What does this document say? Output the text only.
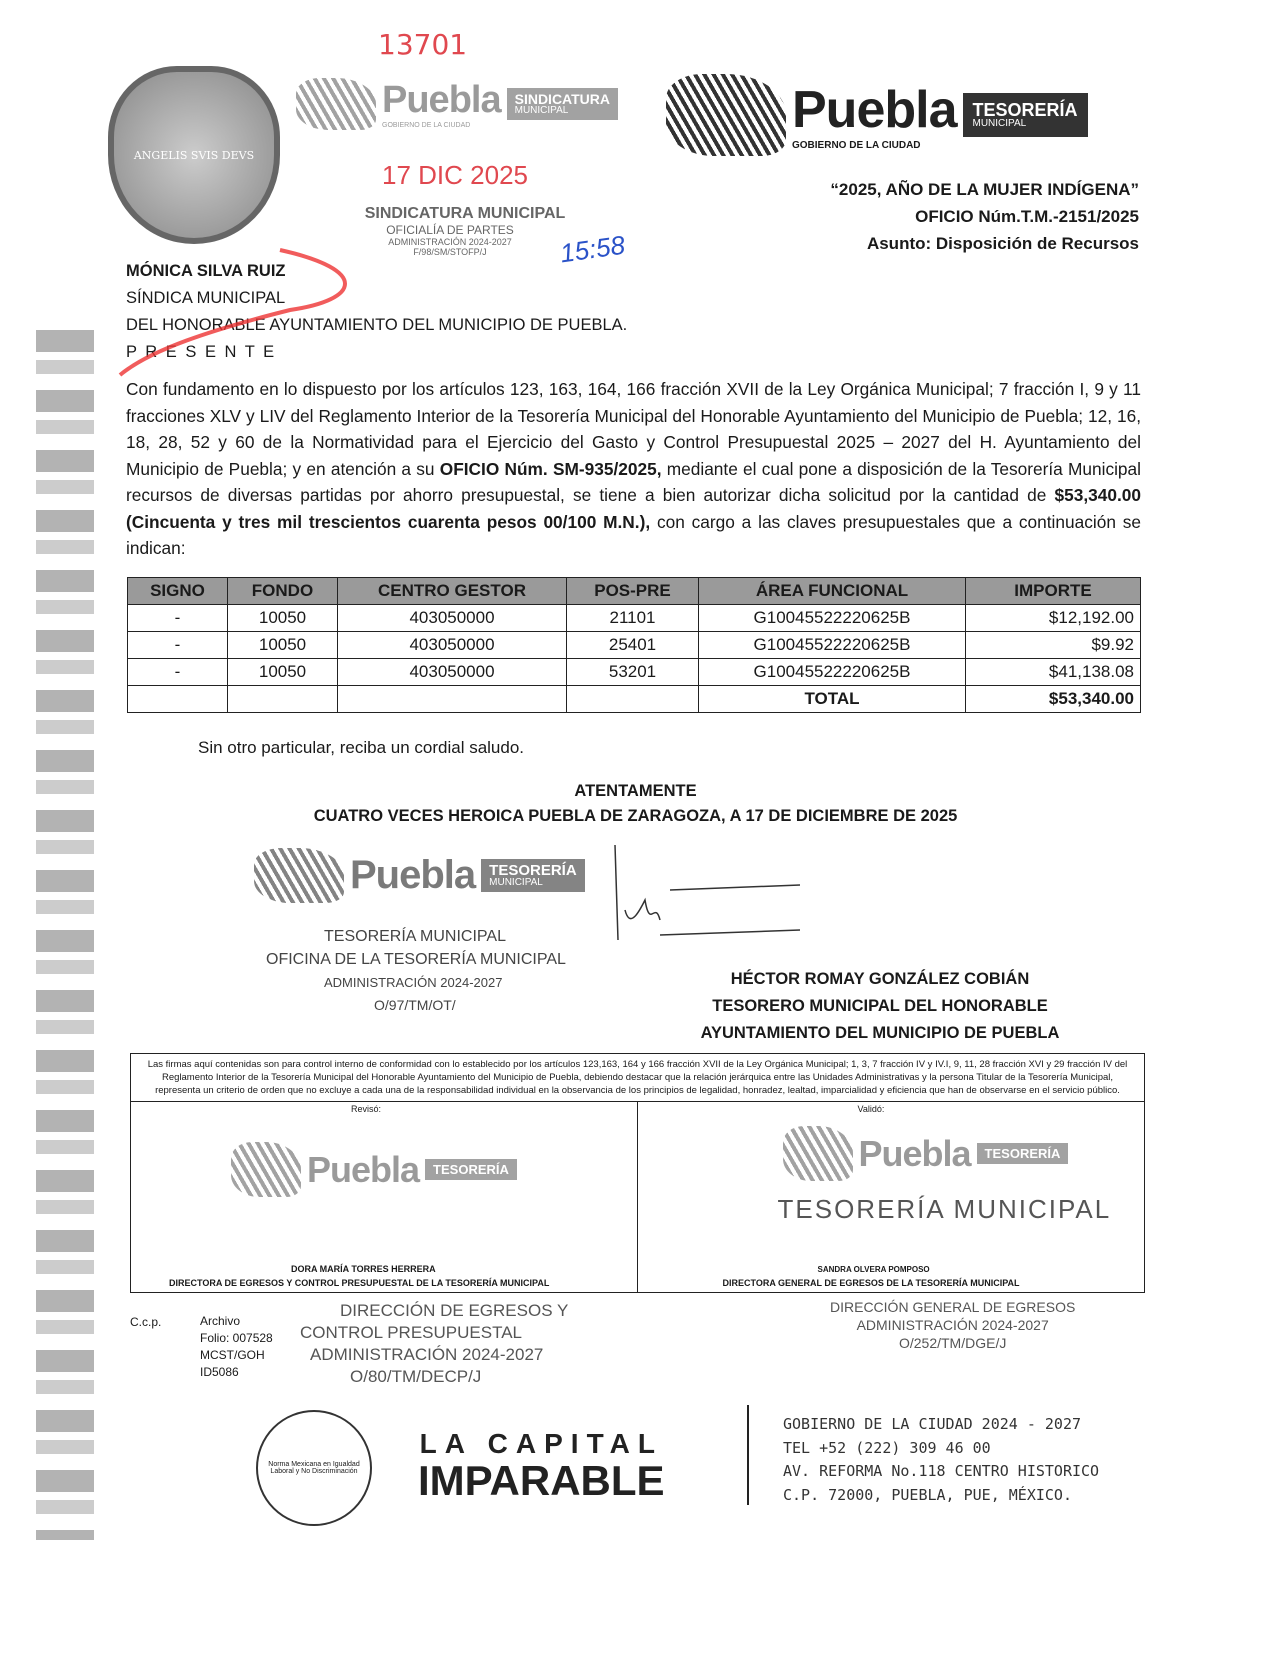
13701
ANGELIS SVIS DEVS
Puebla
GOBIERNO DE LA CIUDAD
SINDICATURA
MUNICIPAL	Puebla
GOBIERNO DE LA CIUDAD
TESORERÍA
MUNICIPAL
17 DIC 2025
SINDICATURA MUNICIPAL
OFICIALÍA DE PARTES
ADMINISTRACIÓN 2024-2027
F/98/SM/STOFP/J	15:58
“2025, AÑO DE LA MUJER INDÍGENA”
OFICIO Núm.T.M.-2151/2025
Asunto: Disposición de Recursos
MÓNICA SILVA RUIZ
SÍNDICA MUNICIPAL
DEL HONORABLE AYUNTAMIENTO DEL MUNICIPIO DE PUEBLA.
P R E S E N T E
Con fundamento en lo dispuesto por los artículos 123, 163, 164, 166 fracción XVII de la Ley Orgánica Municipal; 7 fracción I, 9 y 11 fracciones XLV y LIV del Reglamento Interior de la Tesorería Municipal del Honorable Ayuntamiento del Municipio de Puebla; 12, 16, 18, 28, 52 y 60 de la Normatividad para el Ejercicio del Gasto y Control Presupuestal 2025 – 2027 del H. Ayuntamiento del Municipio de Puebla; y en atención a su OFICIO Núm. SM-935/2025, mediante el cual pone a disposición de la Tesorería Municipal recursos de diversas partidas por ahorro presupuestal, se tiene a bien autorizar dicha solicitud por la cantidad de $53,340.00 (Cincuenta y tres mil trescientos cuarenta pesos 00/100 M.N.), con cargo a las claves presupuestales que a continuación se indican:
SIGNO	FONDO	CENTRO GESTOR	POS-PRE	ÁREA FUNCIONAL	IMPORTE
-	10050	403050000	21101	G10045522220625B	$12,192.00
-	10050	403050000	25401	G10045522220625B	$9.92
-	10050	403050000	53201	G10045522220625B	$41,138.08
				TOTAL	$53,340.00
Sin otro particular, reciba un cordial saludo.
ATENTAMENTE
CUATRO VECES HEROICA PUEBLA DE ZARAGOZA, A 17 DE DICIEMBRE DE 2025
Puebla TESORERÍA
MUNICIPAL
TESORERÍA MUNICIPAL
OFICINA DE LA TESORERÍA MUNICIPAL
ADMINISTRACIÓN 2024-2027
O/97/TM/OT/
HÉCTOR ROMAY GONZÁLEZ COBIÁN
TESORERO MUNICIPAL DEL HONORABLE
AYUNTAMIENTO DEL MUNICIPIO DE PUEBLA
Las firmas aquí contenidas son para control interno de conformidad con lo establecido por los artículos 123,163, 164 y 166 fracción XVII de la Ley Orgánica Municipal; 1, 3, 7 fracción IV y IV.I, 9, 11, 28 fracción XVI y 29 fracción IV del Reglamento Interior de la Tesorería Municipal del Honorable Ayuntamiento del Municipio de Puebla, debiendo destacar que la relación jerárquica entre las Unidades Administrativas y la persona Titular de la Tesorería Municipal, representa un criterio de orden que no excluye a cada una de la responsabilidad individual en la observancia de los principios de legalidad, honradez, lealtad, imparcialidad y eficiencia que han de observarse en el servicio público.
Revisó:
Puebla	TESORERÍA
DORA MARÍA TORRES HERRERA
DIRECTORA DE EGRESOS Y CONTROL PRESUPUESTAL DE LA TESORERÍA MUNICIPAL
Validó:
Puebla	TESORERÍA
TESORERÍA MUNICIPAL
SANDRA OLVERA POMPOSO
DIRECTORA GENERAL DE EGRESOS DE LA TESORERÍA MUNICIPAL
DIRECCIÓN GENERAL DE EGRESOS
ADMINISTRACIÓN 2024-2027
O/252/TM/DGE/J
DIRECCIÓN DE EGRESOS Y
CONTROL PRESUPUESTAL
ADMINISTRACIÓN 2024-2027
O/80/TM/DECP/J
C.c.p.	Archivo
Folio: 007528
MCST/GOH
ID5086
Norma Mexicana en Igualdad Laboral y No Discriminación
LA CAPITAL
IMPARABLE
GOBIERNO DE LA CIUDAD 2024 - 2027
TEL +52 (222) 309 46 00
AV. REFORMA No.118 CENTRO HISTORICO
C.P. 72000, PUEBLA, PUE, MÉXICO.
